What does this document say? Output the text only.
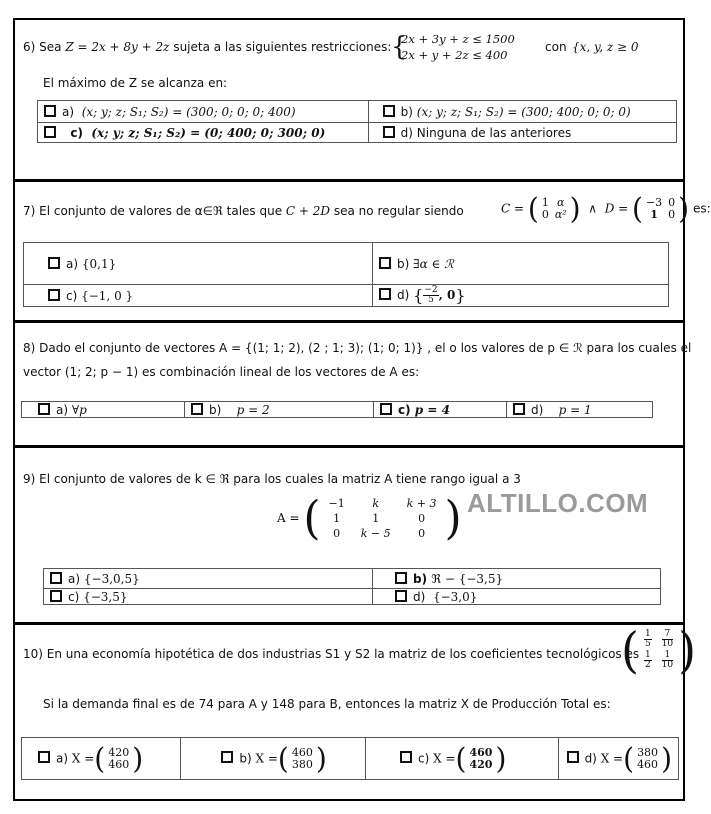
6) Sea Z = 2x + 8y + 2z sujeta a las siguientes restricciones: {
2x + 3y + z ≤ 1500
2x + y + 2z ≤ 400
con {x, y, z ≥ 0
El máximo de Z se alcanza en:
a) (x; y; z; S₁; S₂) = (300; 0; 0; 0; 400)	b) (x; y; z; S₁; S₂) = (300; 400; 0; 0; 0)
c) (x; y; z; S₁; S₂) = (0; 400; 0; 300; 0)	d) Ninguna de las anteriores
7) El conjunto de valores de α∈ℜ tales que C + 2D sea no regular siendo	C = ( 1	α
0	α² ) ∧ D = ( −3	0
1	0 ) es:
a) {0,1}	b) ∃α ∈ ℛ
c) {−1, 0 }	d) { $\frac{-2}{5}$ , 0}
8) Dado el conjunto de vectores A = {(1; 1; 2), (2 ; 1; 3); (1; 0; 1)} , el o los valores de p ∈ ℛ para los cuales el
vector (1; 2; p − 1) es combinación lineal de los vectores de A es:
a) ∀p	b) p = 2	c) p = 4	d) p = 1
9) El conjunto de valores de k ∈ ℜ para los cuales la matriz A tiene rango igual a 3
A = ( −1	k	k + 3
1	1	0
0	k − 5	0 ) ALTILLO.COM
a) {−3,0,5}	b) ℜ − {−3,5}
c) {−3,5}	d) {−3,0}
10) En una economía hipotética de dos industrias S1 y S2 la matriz de los coeficientes tecnológicos es
( $\frac{1}{5}$	$\frac{7}{10}$

$\frac{1}{2}$	$\frac{1}{10}$ )
Si la demanda final es de 74 para A y 148 para B, entonces la matriz X de Producción Total es:
a) X =( 420
460 )	b) X =( 460
380 )	c) X =( 460
420 )	d) X =( 380
460 )
